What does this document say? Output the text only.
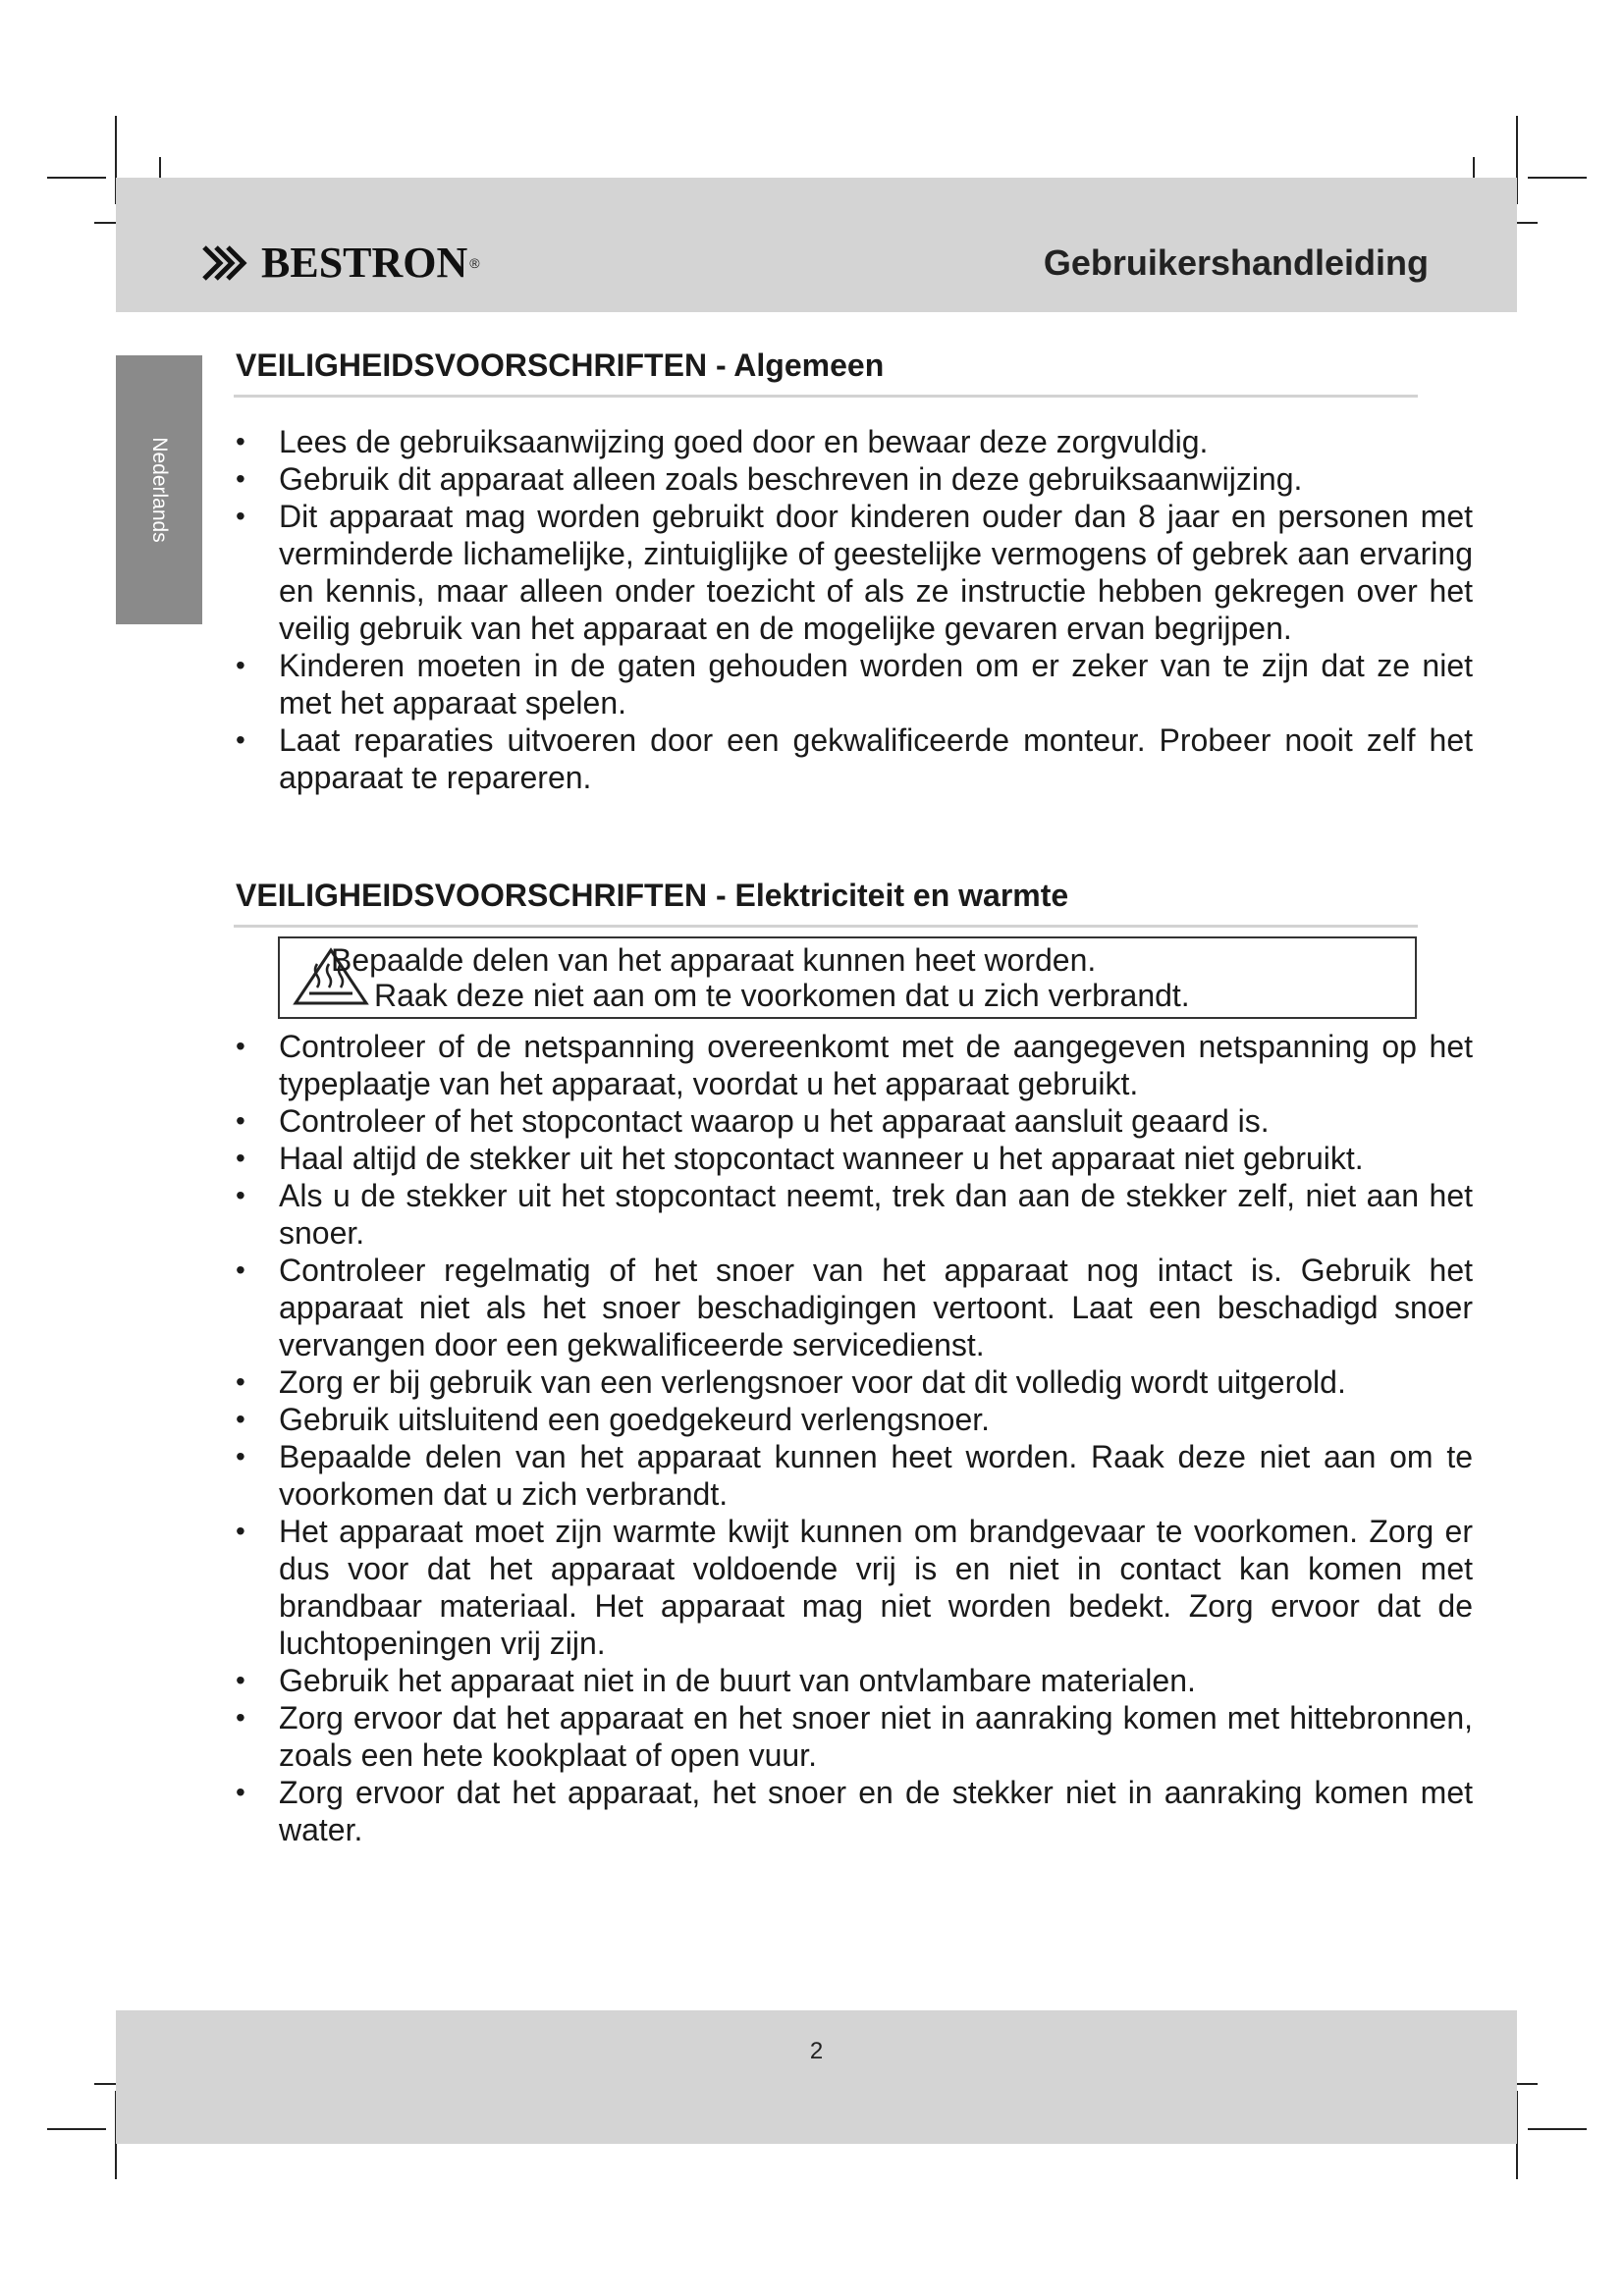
BESTRON ®	Gebruikershandleiding
Nederlands
VEILIGHEIDSVOORSCHRIFTEN - Algemeen
• Lees de gebruiksaanwijzing goed door en bewaar deze zorgvuldig.
• Gebruik dit apparaat alleen zoals beschreven in deze gebruiksaanwijzing.
• Dit apparaat mag worden gebruikt door kinderen ouder dan 8 jaar en personen met verminderde lichamelijke, zintuiglijke of geestelijke vermogens of gebrek aan ervaring en kennis, maar alleen onder toezicht of als ze instructie hebben gekregen over het veilig gebruik van het apparaat en de mogelijke gevaren ervan begrijpen.
• Kinderen moeten in de gaten gehouden worden om er zeker van te zijn dat ze niet met het apparaat spelen.
• Laat reparaties uitvoeren door een gekwalificeerde monteur. Probeer nooit zelf het apparaat te repareren.
VEILIGHEIDSVOORSCHRIFTEN - Elektriciteit en warmte
Bepaalde delen van het apparaat kunnen heet worden.
Raak deze niet aan om te voorkomen dat u zich verbrandt.
• Controleer of de netspanning overeenkomt met de aangegeven netspanning op het typeplaatje van het apparaat, voordat u het apparaat gebruikt.
• Controleer of het stopcontact waarop u het apparaat aansluit geaard is.
• Haal altijd de stekker uit het stopcontact wanneer u het apparaat niet gebruikt.
• Als u de stekker uit het stopcontact neemt, trek dan aan de stekker zelf, niet aan het snoer.
• Controleer regelmatig of het snoer van het apparaat nog intact is. Gebruik het apparaat niet als het snoer beschadigingen vertoont. Laat een beschadigd snoer vervangen door een gekwalificeerde servicedienst.
• Zorg er bij gebruik van een verlengsnoer voor dat dit volledig wordt uitgerold.
• Gebruik uitsluitend een goedgekeurd verlengsnoer.
• Bepaalde delen van het apparaat kunnen heet worden. Raak deze niet aan om te voorkomen dat u zich verbrandt.
• Het apparaat moet zijn warmte kwijt kunnen om brandgevaar te voorkomen. Zorg er dus voor dat het apparaat voldoende vrij is en niet in contact kan komen met brandbaar materiaal. Het apparaat mag niet worden bedekt. Zorg ervoor dat de luchtopeningen vrij zijn.
• Gebruik het apparaat niet in de buurt van ontvlambare materialen.
• Zorg ervoor dat het apparaat en het snoer niet in aanraking komen met hittebronnen, zoals een hete kookplaat of open vuur.
• Zorg ervoor dat het apparaat, het snoer en de stekker niet in aanraking komen met water.
2
